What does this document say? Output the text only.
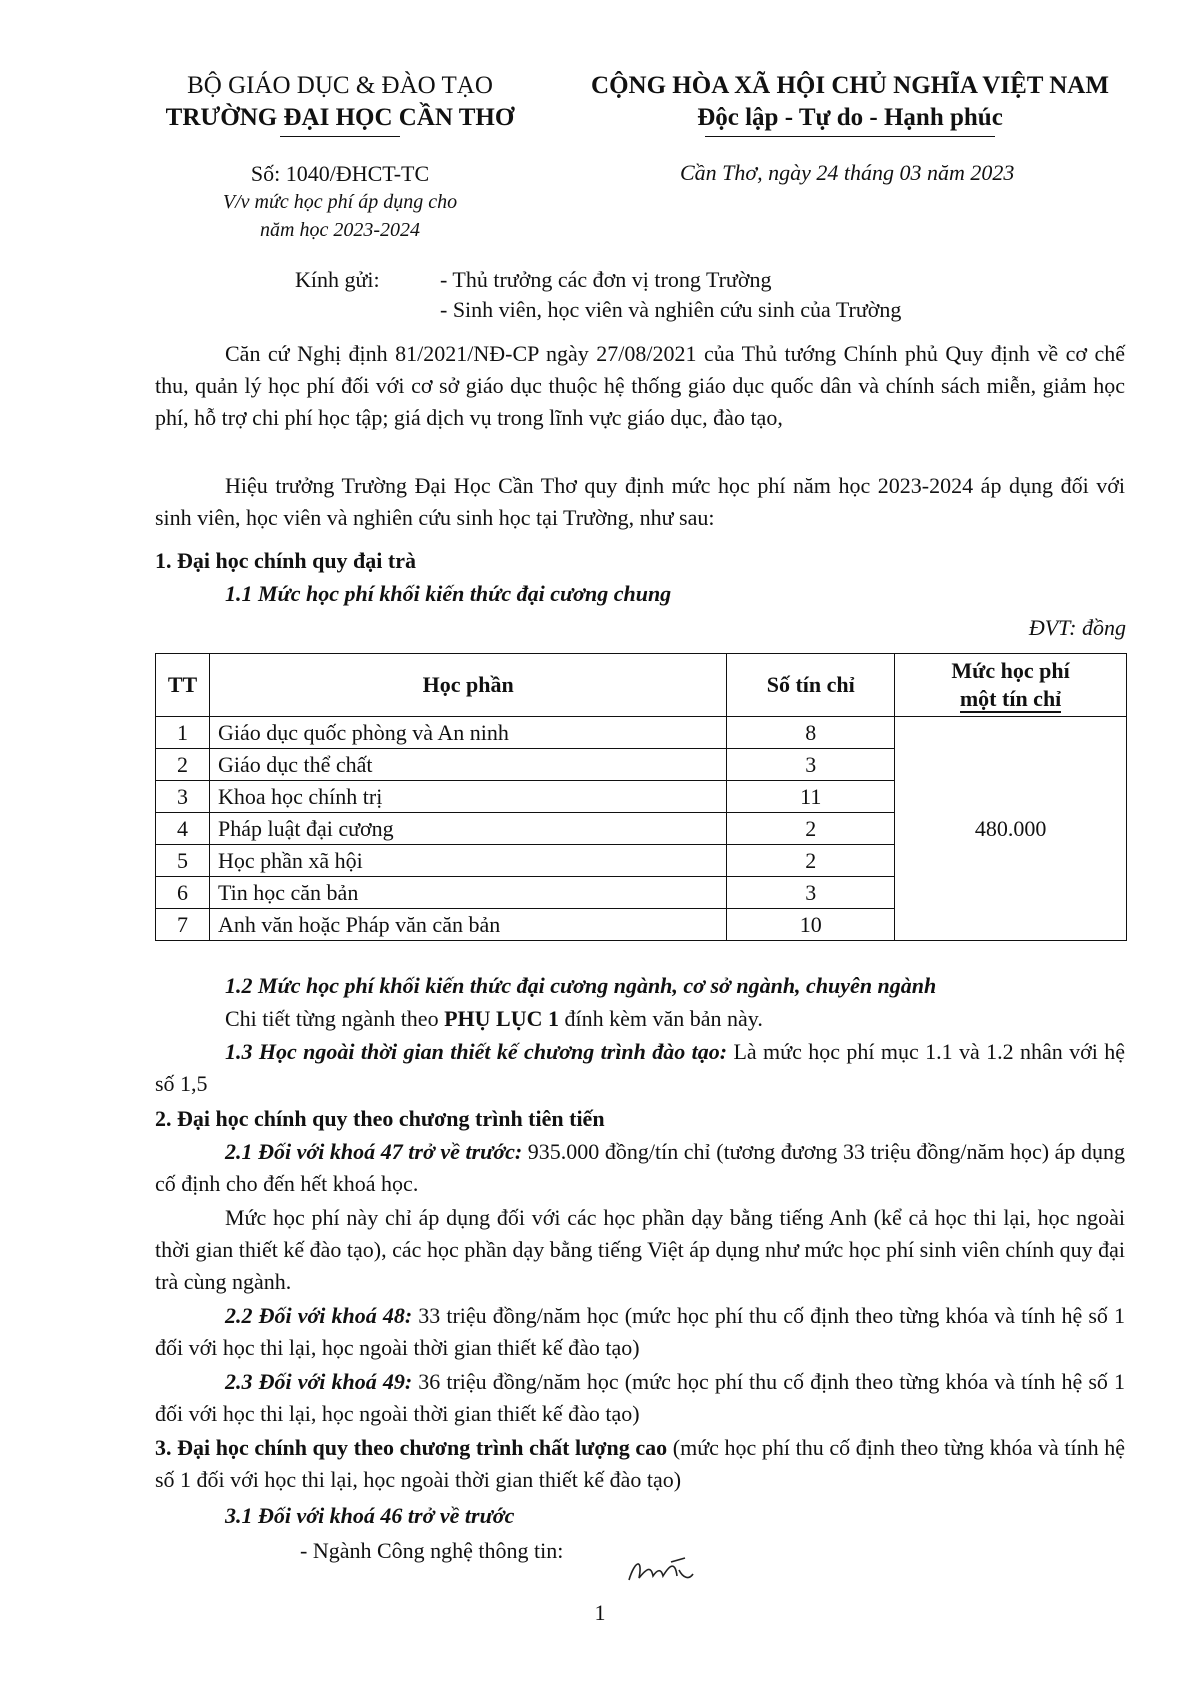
BỘ GIÁO DỤC & ĐÀO TẠO
TRƯỜNG ĐẠI HỌC CẦN THƠ
CỘNG HÒA XÃ HỘI CHỦ NGHĨA VIỆT NAM
Độc lập - Tự do - Hạnh phúc
Số: 1040/ĐHCT-TC
V/v mức học phí áp dụng cho
năm học 2023-2024
Cần Thơ, ngày 24 tháng 03 năm 2023
Kính gửi:	- Thủ trưởng các đơn vị trong Trường
- Sinh viên, học viên và nghiên cứu sinh của Trường
Căn cứ Nghị định 81/2021/NĐ-CP ngày 27/08/2021 của Thủ tướng Chính phủ Quy định về cơ chế thu, quản lý học phí đối với cơ sở giáo dục thuộc hệ thống giáo dục quốc dân và chính sách miễn, giảm học phí, hỗ trợ chi phí học tập; giá dịch vụ trong lĩnh vực giáo dục, đào tạo,
Hiệu trưởng Trường Đại Học Cần Thơ quy định mức học phí năm học 2023-2024 áp dụng đối với sinh viên, học viên và nghiên cứu sinh học tại Trường, như sau:
1. Đại học chính quy đại trà
1.1 Mức học phí khối kiến thức đại cương chung
ĐVT: đồng
TT	Học phần	Số tín chỉ	Mức học phí
một tín chỉ
1	Giáo dục quốc phòng và An ninh	8	480.000
2	Giáo dục thể chất	3	
3	Khoa học chính trị	11	
4	Pháp luật đại cương	2	
5	Học phần xã hội	2	
6	Tin học căn bản	3	
7	Anh văn hoặc Pháp văn căn bản	10	
1.2 Mức học phí khối kiến thức đại cương ngành, cơ sở ngành, chuyên ngành
Chi tiết từng ngành theo PHỤ LỤC 1 đính kèm văn bản này.
1.3 Học ngoài thời gian thiết kế chương trình đào tạo: Là mức học phí mục 1.1 và 1.2 nhân với hệ số 1,5
2. Đại học chính quy theo chương trình tiên tiến
2.1 Đối với khoá 47 trở về trước: 935.000 đồng/tín chỉ (tương đương 33 triệu đồng/năm học) áp dụng cố định cho đến hết khoá học.
Mức học phí này chỉ áp dụng đối với các học phần dạy bằng tiếng Anh (kể cả học thi lại, học ngoài thời gian thiết kế đào tạo), các học phần dạy bằng tiếng Việt áp dụng như mức học phí sinh viên chính quy đại trà cùng ngành.
2.2 Đối với khoá 48: 33 triệu đồng/năm học (mức học phí thu cố định theo từng khóa và tính hệ số 1 đối với học thi lại, học ngoài thời gian thiết kế đào tạo)
2.3 Đối với khoá 49: 36 triệu đồng/năm học (mức học phí thu cố định theo từng khóa và tính hệ số 1 đối với học thi lại, học ngoài thời gian thiết kế đào tạo)
3. Đại học chính quy theo chương trình chất lượng cao (mức học phí thu cố định theo từng khóa và tính hệ số 1 đối với học thi lại, học ngoài thời gian thiết kế đào tạo)
3.1 Đối với khoá 46 trở về trước
- Ngành Công nghệ thông tin:
1
